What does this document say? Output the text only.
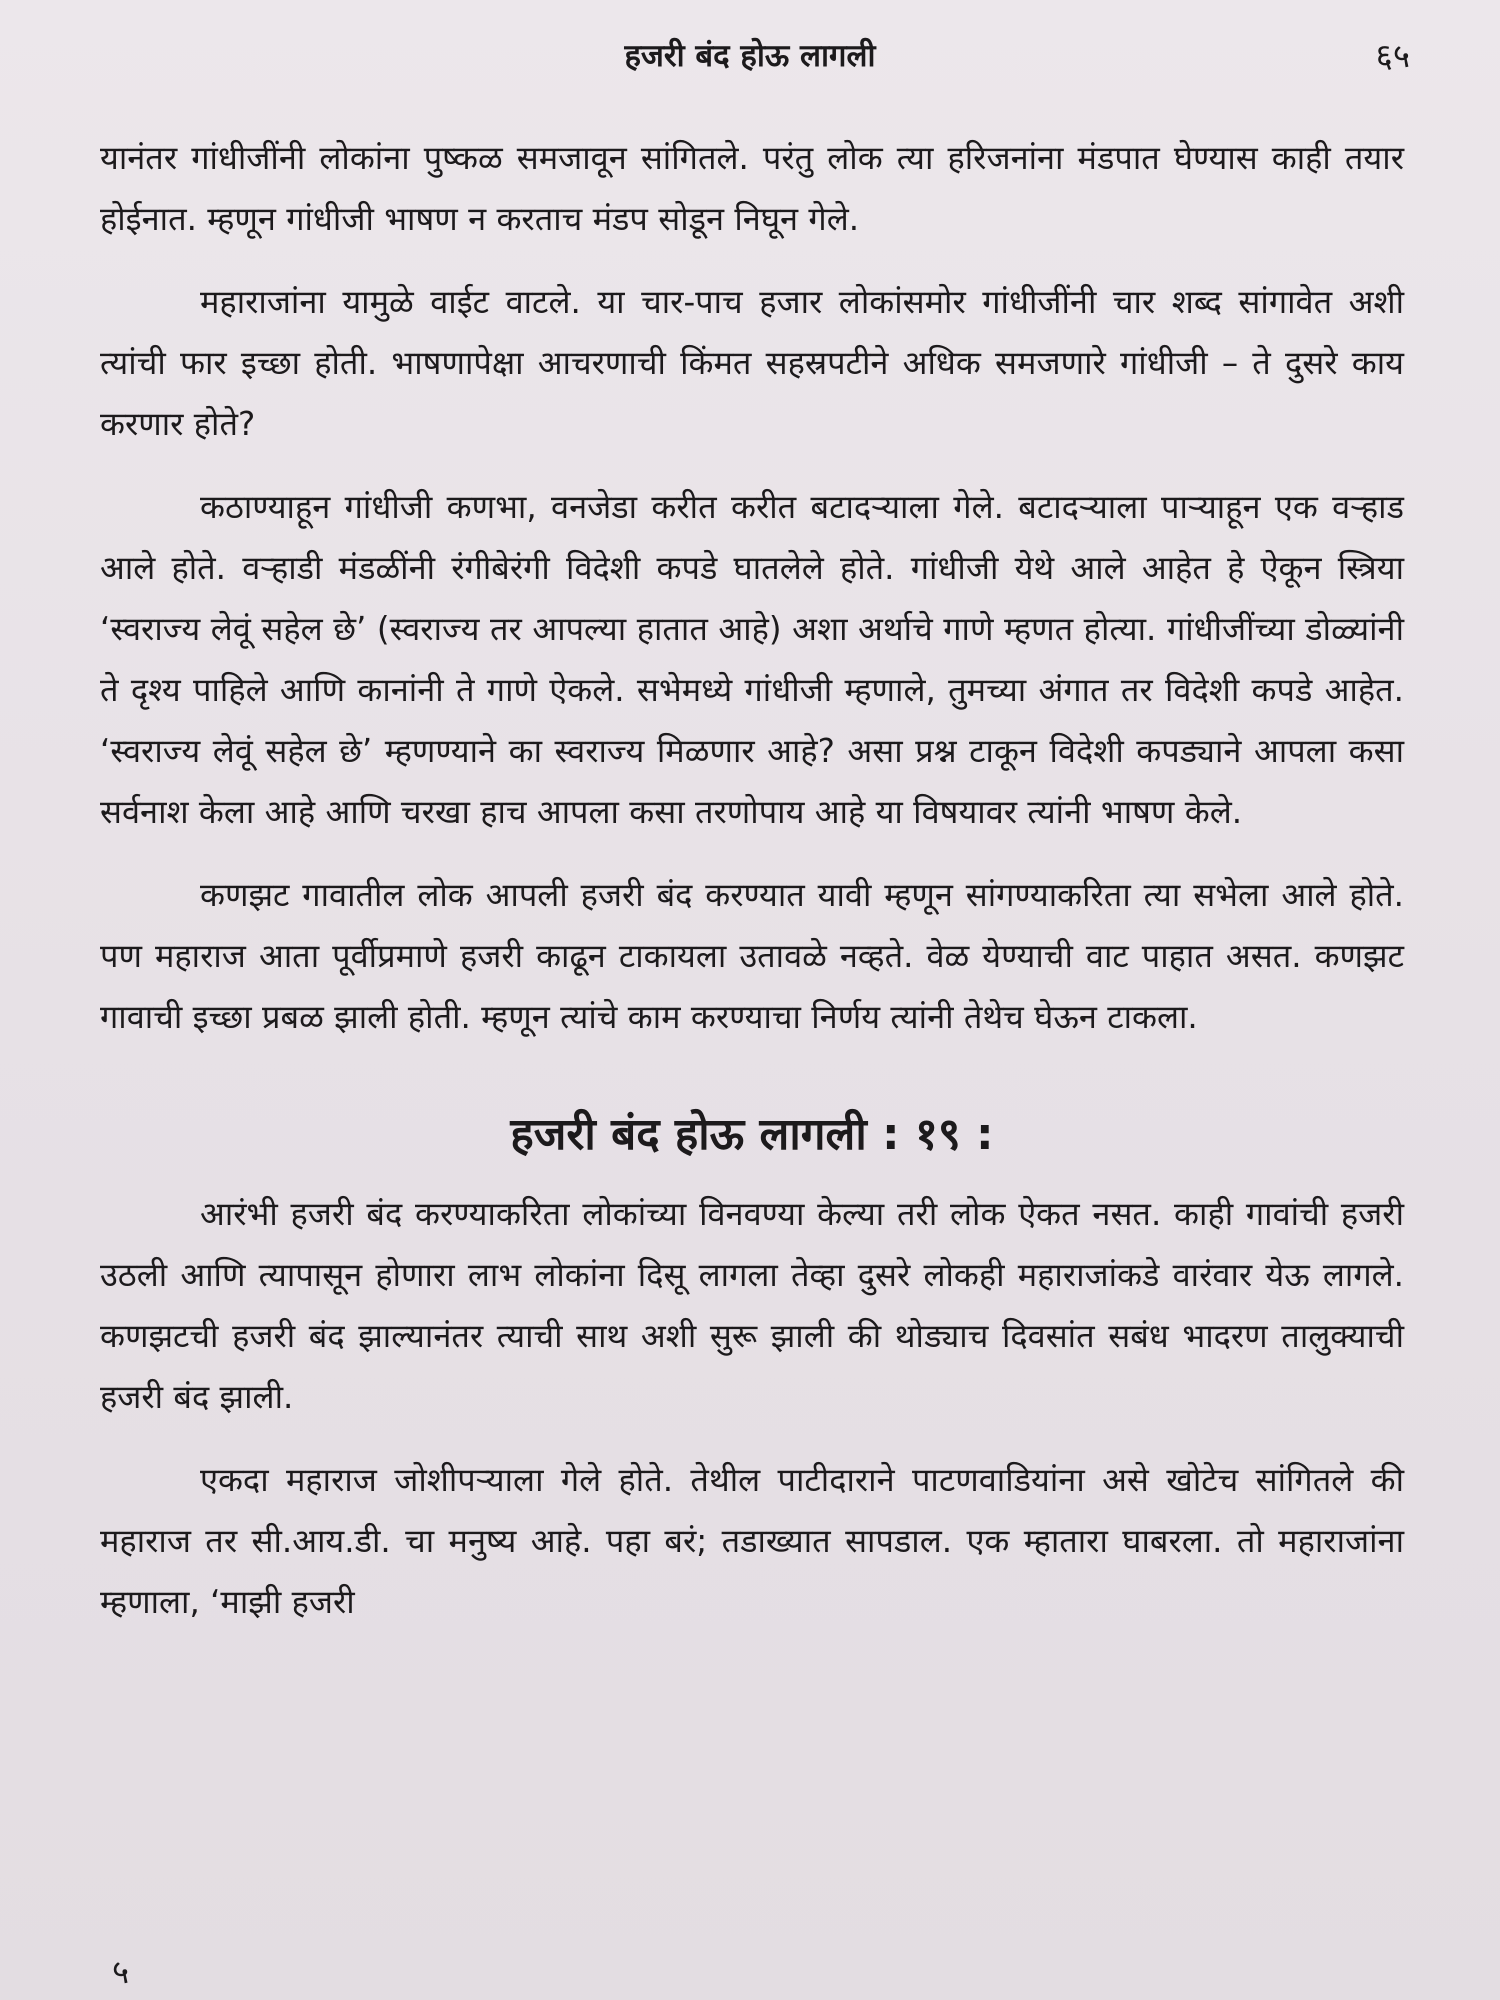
हजरी बंद होऊ लागली	६५

यानंतर गांधीजींनी लोकांना पुष्कळ समजावून सांगितले. परंतु लोक त्या हरिजनांना मंडपात घेण्यास काही तयार होईनात. म्हणून गांधीजी भाषण न करताच मंडप सोडून निघून गेले.

महाराजांना यामुळे वाईट वाटले. या चार-पाच हजार लोकांसमोर गांधीजींनी चार शब्द सांगावेत अशी त्यांची फार इच्छा होती. भाषणापेक्षा आचरणाची किंमत सहस्रपटीने अधिक समजणारे गांधीजी – ते दुसरे काय करणार होते?

कठाण्याहून गांधीजी कणभा, वनजेडा करीत करीत बटादऱ्याला गेले. बटादऱ्याला पाऱ्याहून एक वऱ्हाड आले होते. वऱ्हाडी मंडळींनी रंगीबेरंगी विदेशी कपडे घातलेले होते. गांधीजी येथे आले आहेत हे ऐकून स्त्रिया ‘स्वराज्य लेवूं सहेल छे’ (स्वराज्य तर आपल्या हातात आहे) अशा अर्थाचे गाणे म्हणत होत्या. गांधीजींच्या डोळ्यांनी ते दृश्य पाहिले आणि कानांनी ते गाणे ऐकले. सभेमध्ये गांधीजी म्हणाले, तुमच्या अंगात तर विदेशी कपडे आहेत. ‘स्वराज्य लेवूं सहेल छे’ म्हणण्याने का स्वराज्य मिळणार आहे? असा प्रश्न टाकून विदेशी कपड्याने आपला कसा सर्वनाश केला आहे आणि चरखा हाच आपला कसा तरणोपाय आहे या विषयावर त्यांनी भाषण केले.

कणझट गावातील लोक आपली हजरी बंद करण्यात यावी म्हणून सांगण्याकरिता त्या सभेला आले होते. पण महाराज आता पूर्वीप्रमाणे हजरी काढून टाकायला उतावळे नव्हते. वेळ येण्याची वाट पाहात असत. कणझट गावाची इच्छा प्रबळ झाली होती. म्हणून त्यांचे काम करण्याचा निर्णय त्यांनी तेथेच घेऊन टाकला.

हजरी बंद होऊ लागली : १९ :

आरंभी हजरी बंद करण्याकरिता लोकांच्या विनवण्या केल्या तरी लोक ऐकत नसत. काही गावांची हजरी उठली आणि त्यापासून होणारा लाभ लोकांना दिसू लागला तेव्हा दुसरे लोकही महाराजांकडे वारंवार येऊ लागले. कणझटची हजरी बंद झाल्यानंतर त्याची साथ अशी सुरू झाली की थोड्याच दिवसांत सबंध भादरण तालुक्याची हजरी बंद झाली.

एकदा महाराज जोशीपऱ्याला गेले होते. तेथील पाटीदाराने पाटणवाडियांना असे खोटेच सांगितले की महाराज तर सी.आय.डी. चा मनुष्य आहे. पहा बरं; तडाख्यात सापडाल. एक म्हातारा घाबरला. तो महाराजांना म्हणाला, ‘माझी हजरी

५
